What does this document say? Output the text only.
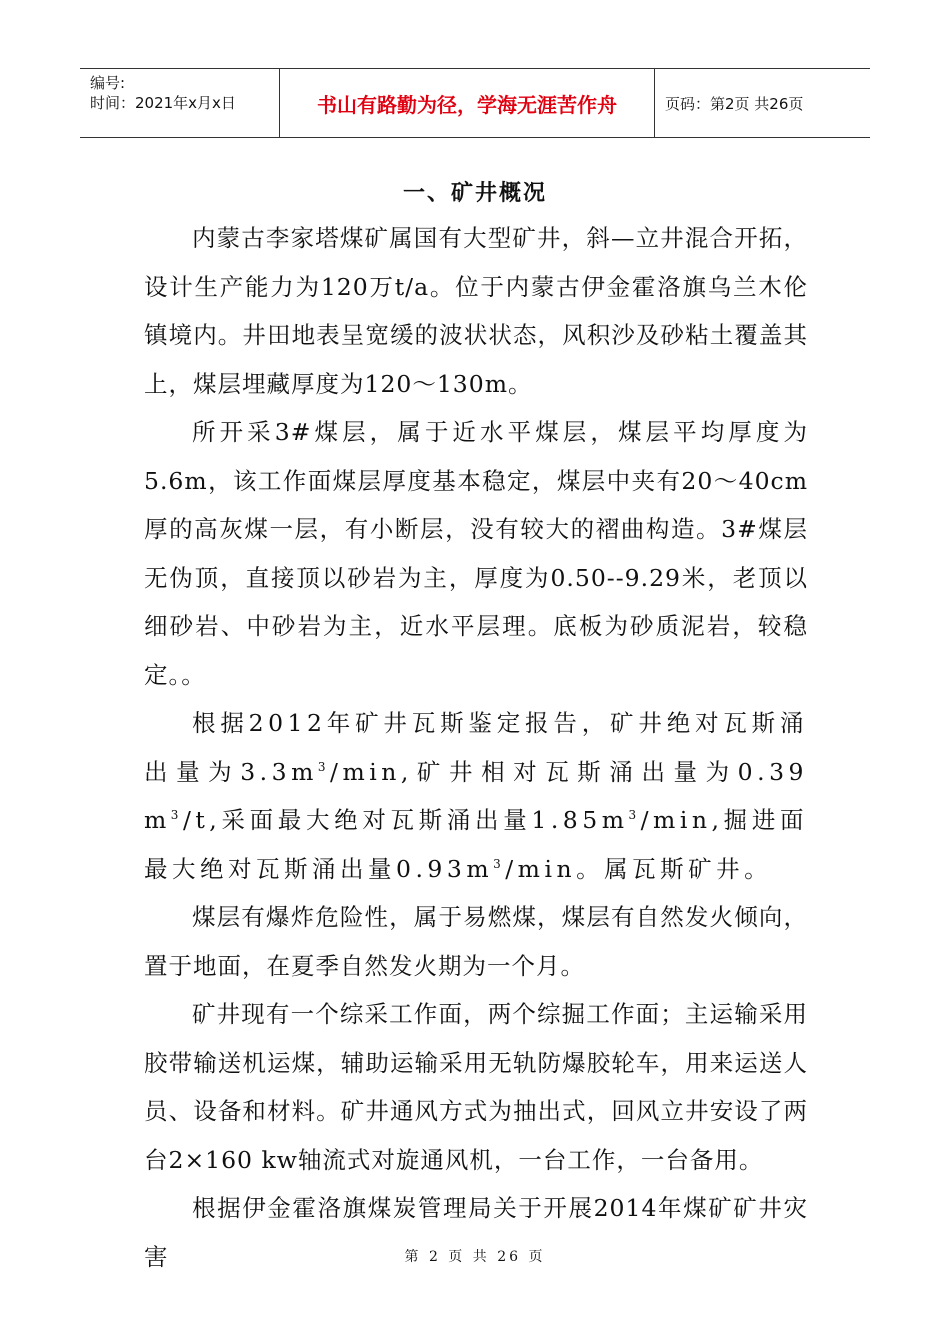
编号:
时间：2021年x月x日	书山有路勤为径，学海无涯苦作舟	页码：第2页 共26页
一、矿井概况

内蒙古李家塔煤矿属国有大型矿井，斜—立井混合开拓，设计生产能力为120万t/a。位于内蒙古伊金霍洛旗乌兰木伦镇境内。井田地表呈宽缓的波状状态，风积沙及砂粘土覆盖其上，煤层埋藏厚度为120～130m。

所开采3#煤层，属于近水平煤层，煤层平均厚度为5.6m，该工作面煤层厚度基本稳定，煤层中夹有20～40cm厚的高灰煤一层，有小断层，没有较大的褶曲构造。3#煤层无伪顶，直接顶以砂岩为主，厚度为0.50--9.29米，老顶以细砂岩、中砂岩为主，近水平层理。底板为砂质泥岩，较稳定。。

根据2012年矿井瓦斯鉴定报告，矿井绝对瓦斯涌出量为$3.3m^3/\min$,矿井相对瓦斯涌出量为0.39 $m^3/t$,采面最大绝对瓦斯涌出量$1.85m^3/\min$,掘进面最大绝对瓦斯涌出量$0.93m^3/\min$。属瓦斯矿井。

煤层有爆炸危险性，属于易燃煤，煤层有自然发火倾向，置于地面，在夏季自然发火期为一个月。

矿井现有一个综采工作面，两个综掘工作面；主运输采用胶带输送机运煤，辅助运输采用无轨防爆胶轮车，用来运送人员、设备和材料。矿井通风方式为抽出式，回风立井安设了两台2×160 kw轴流式对旋通风机，一台工作，一台备用。

根据伊金霍洛旗煤炭管理局关于开展2014年煤矿矿井灾害	第 2 页 共 26 页
